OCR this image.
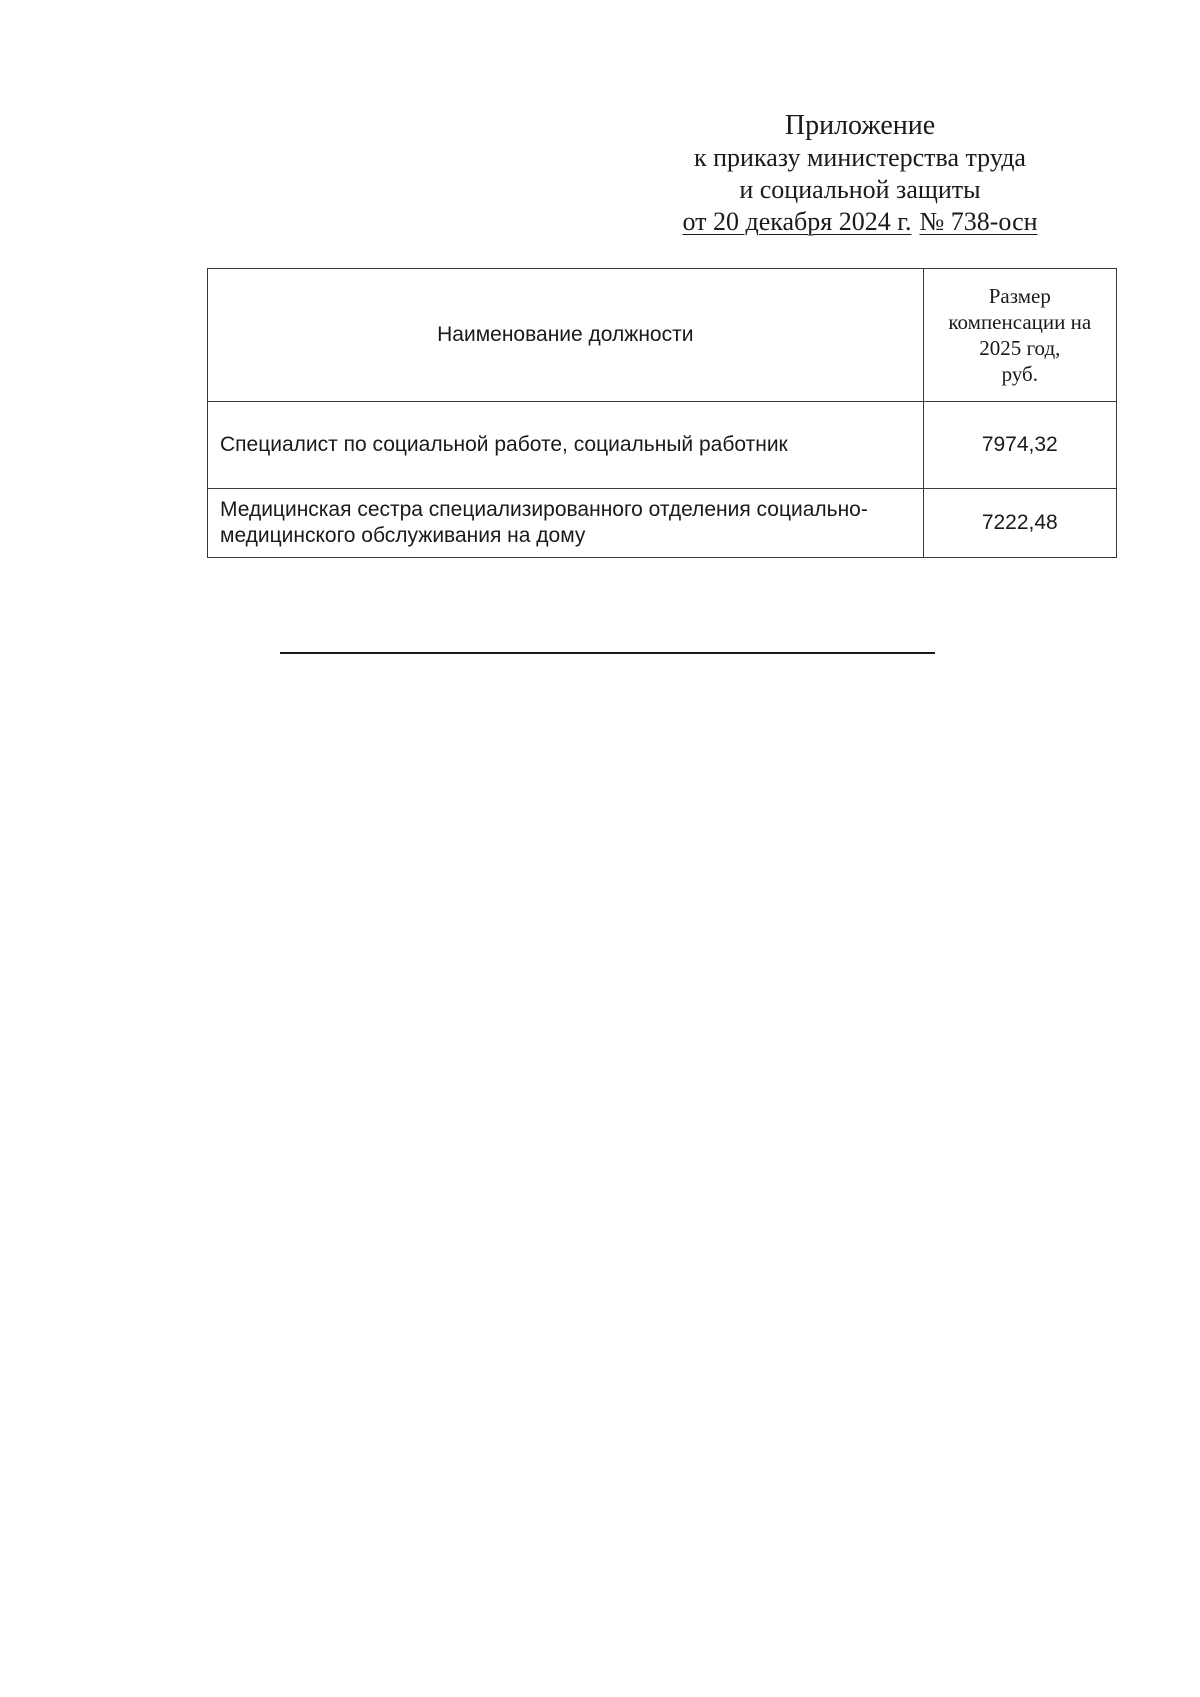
Приложение
к приказу министерства труда
и социальной защиты
от 20 декабря 2024 г. № 738-осн
Наименование должности	Размер
компенсации на
2025 год,
руб.

Специалист по социальной работе, социальный работник	7974,32

Медицинская сестра специализированного отделения социально-
медицинского обслуживания на дому	7222,48
